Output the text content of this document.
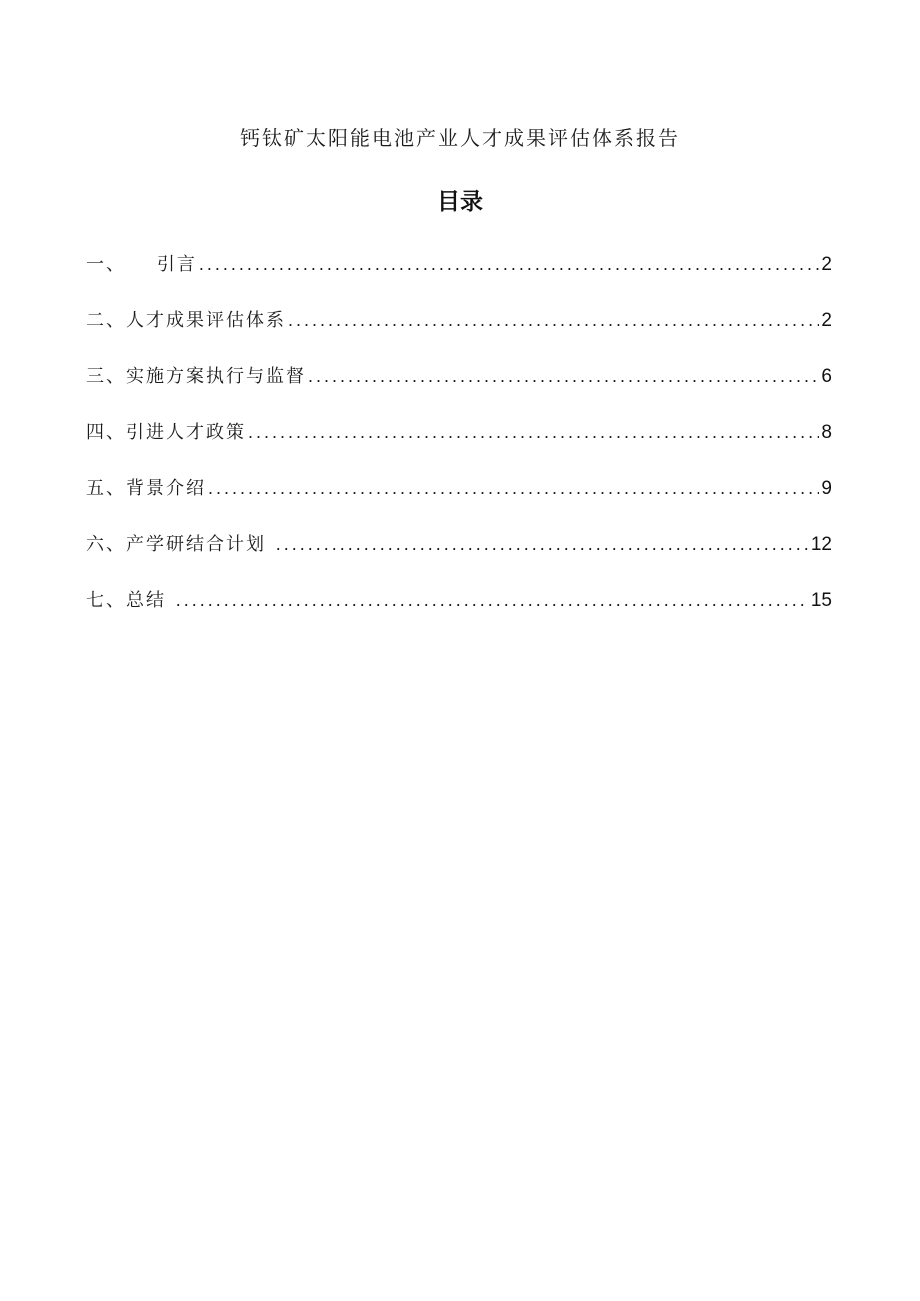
钙钛矿太阳能电池产业人才成果评估体系报告
目录
一、    引言 .....	2
二、人才成果评估体系 .....	2
三、实施方案执行与监督 .....	6
四、引进人才政策 .....	8
五、背景介绍 .....	9
六、产学研结合计划 .....	12
七、总结 .....	15
